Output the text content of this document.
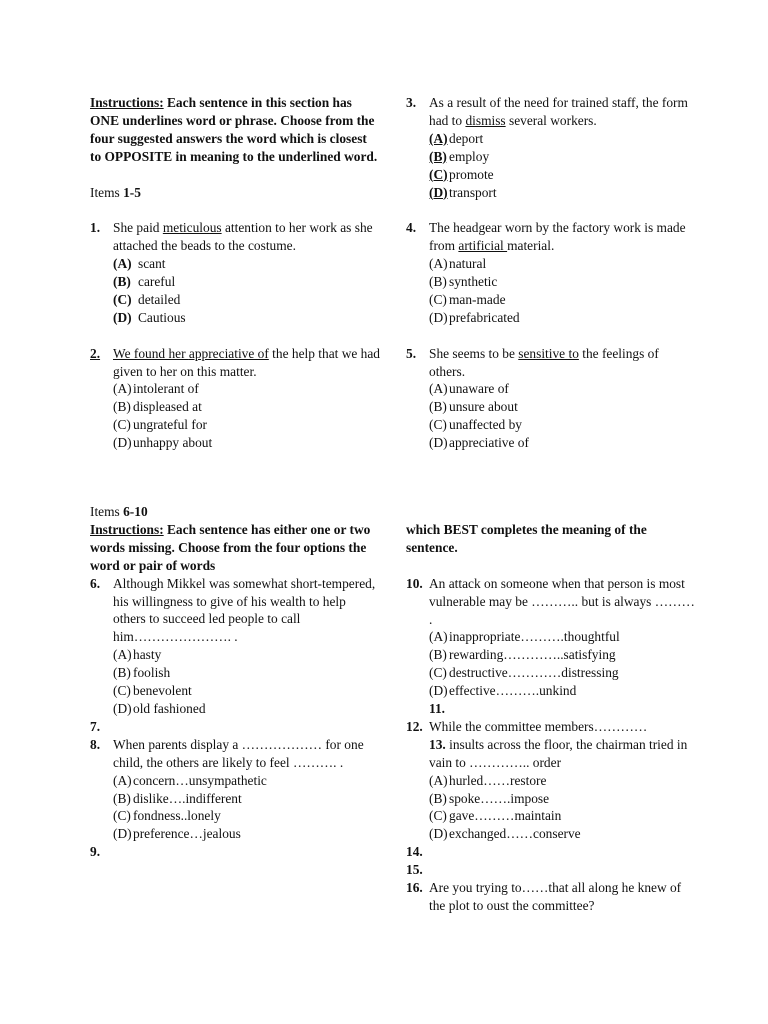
Instructions: Each sentence in this section has ONE underlines word or phrase. Choose from the four suggested answers the word which is closest to OPPOSITE in meaning to the underlined word.

Items 1-5

1. She paid meticulous attention to her work as she attached the beads to the costume.
(A) scant
(B) careful
(C) detailed
(D) Cautious
2. We found her appreciative of the help that we had given to her on this matter.
(A) intolerant of
(B) displeased at
(C) ungrateful for
(D) unhappy about
3. As a result of the need for trained staff, the form had to dismiss several workers.
(A) deport
(B) employ
(C) promote
(D) transport
4. The headgear worn by the factory work is made from artificial material.
(A) natural
(B) synthetic
(C) man-made
(D) prefabricated
5. She seems to be sensitive to the feelings of others.
(A) unaware of
(B) unsure about
(C) unaffected by
(D) appreciative of

Items 6-10

Instructions: Each sentence has either one or two words missing. Choose from the four options the word or pair of words

6. Although Mikkel was somewhat short-tempered, his willingness to give of his wealth to help others to succeed led people to call him…………………. .
(A) hasty
(B) foolish
(C) benevolent
(D) old fashioned
7.
8. When parents display a ……………… for one child, the others are likely to feel ………. .
(A) concern…unsympathetic
(B) dislike….indifferent
(C) fondness..lonely
(D) preference…jealous
9.

which BEST completes the meaning of the sentence.

10. An attack on someone when that person is most vulnerable may be ……….. but is always ……… .
(A) inappropriate……….thoughtful
(B) rewarding…………..satisfying
(C) destructive…………distressing
(D) effective……….unkind
11.
12. While the committee members…………
13. insults across the floor, the chairman tried in vain to ………….. order
(A) hurled……restore
(B) spoke…….impose
(C) gave………maintain
(D) exchanged……conserve
14.
15.
16. Are you trying to……that all along he knew of the plot to oust the committee?
